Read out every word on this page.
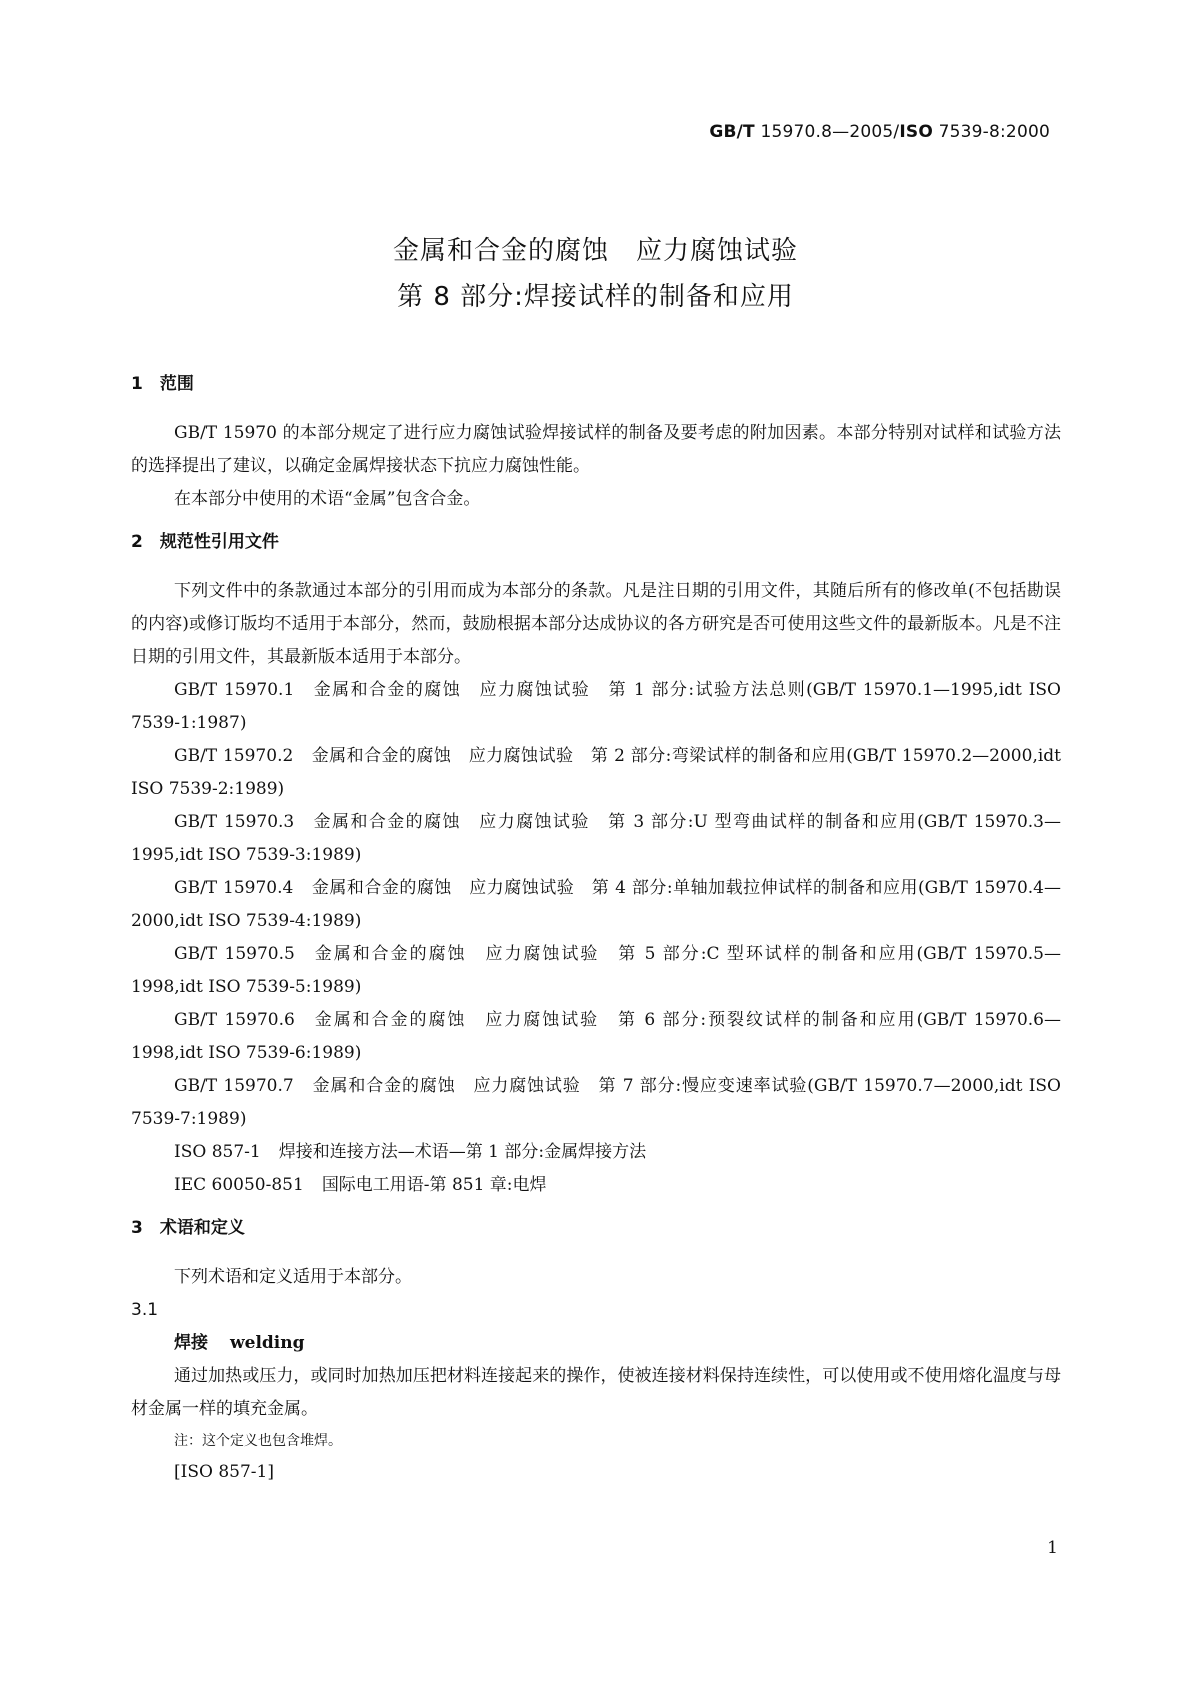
GB/T 15970.8—2005/ISO 7539-8:2000
金属和合金的腐蚀　应力腐蚀试验
第 8 部分:焊接试样的制备和应用
1　范围

GB/T 15970 的本部分规定了进行应力腐蚀试验焊接试样的制备及要考虑的附加因素。本部分特别对试样和试验方法的选择提出了建议，以确定金属焊接状态下抗应力腐蚀性能。

在本部分中使用的术语“金属”包含合金。

2　规范性引用文件

下列文件中的条款通过本部分的引用而成为本部分的条款。凡是注日期的引用文件，其随后所有的修改单(不包括勘误的内容)或修订版均不适用于本部分，然而，鼓励根据本部分达成协议的各方研究是否可使用这些文件的最新版本。凡是不注日期的引用文件，其最新版本适用于本部分。

GB/T 15970.1 金属和合金的腐蚀　应力腐蚀试验　第 1 部分:试验方法总则(GB/T 15970.1—1995,idt ISO 7539-1:1987)

GB/T 15970.2 金属和合金的腐蚀　应力腐蚀试验　第 2 部分:弯梁试样的制备和应用(GB/T 15970.2—2000,idt ISO 7539-2:1989)

GB/T 15970.3 金属和合金的腐蚀　应力腐蚀试验　第 3 部分:U 型弯曲试样的制备和应用(GB/T 15970.3—1995,idt ISO 7539-3:1989)

GB/T 15970.4 金属和合金的腐蚀　应力腐蚀试验　第 4 部分:单轴加载拉伸试样的制备和应用(GB/T 15970.4—2000,idt ISO 7539-4:1989)

GB/T 15970.5 金属和合金的腐蚀　应力腐蚀试验　第 5 部分:C 型环试样的制备和应用(GB/T 15970.5—1998,idt ISO 7539-5:1989)

GB/T 15970.6 金属和合金的腐蚀　应力腐蚀试验　第 6 部分:预裂纹试样的制备和应用(GB/T 15970.6—1998,idt ISO 7539-6:1989)

GB/T 15970.7 金属和合金的腐蚀　应力腐蚀试验　第 7 部分:慢应变速率试验(GB/T 15970.7—2000,idt ISO 7539-7:1989)

ISO 857-1 焊接和连接方法—术语—第 1 部分:金属焊接方法

IEC 60050-851 国际电工用语-第 851 章:电焊

3　术语和定义

下列术语和定义适用于本部分。

3.1
焊接 welding

通过加热或压力，或同时加热加压把材料连接起来的操作，使被连接材料保持连续性，可以使用或不使用熔化温度与母材金属一样的填充金属。

注：这个定义也包含堆焊。
[ISO 857-1]
1
